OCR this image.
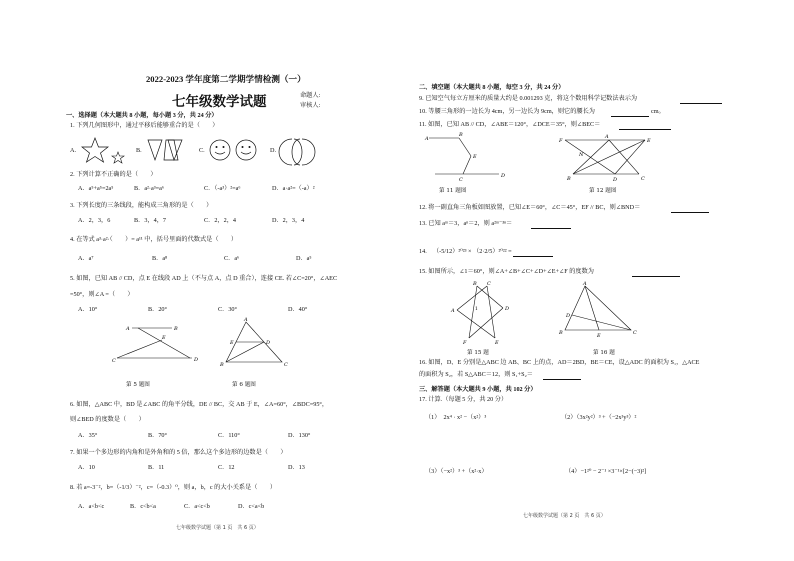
2022-2023 学年度第二学期学情检测（一）
七年级数学试题	命题人:
审核人:
一、选择题（本大题共 8 小题，每小题 3 分，共 24 分）
1. 下列几何图形中，通过平移后能够重合的是（　　）
A.	B.	C.	D.
2. 下列计算不正确的是（　　）
A．a⁵+a⁵=2a⁵	B．a²·a³=a⁶	C．（-a³）²=a⁶	D．a·a²=（-a）²
3. 下列长度的三条线段，能构成三角形的是（　　）
A．2，3，6	B．3，4，7	C．2，2，4	D．2，3，4
4. 在等式 a³·a²·（　　）= a¹¹ 中，括号里面的代数式是（　　）
A．a⁷	B．a⁸	C．a⁶	D．a⁵
5. 如图，已知 AB // CD，点 E 在线段 AD 上（不与点 A，点 D 重合），连接 CE. 若∠C=20°，∠AEC
=50°，则∠A =（　　）
A．10°	B．20°	C．30°	D．40°
A	B
C	D
E
A
E	D
B	C
第 5 题图	第 6 题图
6. 如图，△ABC 中，BD 是∠ABC 的角平分线，DE // BC，交 AB 于 E，∠A=60°，∠BDC=95°，
则∠BED 的度数是（　　）
A．35°	B．70°	C．110°	D．130°
7. 如果一个多边形的内角和是外角和的 5 倍，那么这个多边形的边数是（　　）
A．10	B．11	C．12	D．13
8. 若 a=-3⁻²，b=（-1/3）⁻²，c=（-0.3）⁰，则 a，b，c 的大小关系是（　　）
A．a<b<c	B．c<b<a	C．a<c<b	D．c<a<b
七年级数学试题（第 1 页　共 6 页）
二、填空题（本大题共 8 小题，每空 3 分，共 24 分）
9. 已知空气每立方厘米的质量大约是 0.001293 克，将这个数用科学记数法表示为
10. 等腰三角形的一边长为 4cm，另一边长为 9cm，则它的腰长为	cm。
11. 如图，已知 AB // CD，∠ABE＝120°，∠DCE＝35°，则∠BEC＝
A
B
E
C
D
F	E
N
A
B	D	C
第 11 题图	第 12 题图
12. 将一副直角三角板如图放置，已知∠E＝60°，∠C＝45°，EF // BC，则∠BND＝
13. 已知 aᵐ＝3，aⁿ＝2，则 a²ᵐ⁻³ⁿ＝
14. （-5/12）²⁰²³ × （2·2/5）²⁰²² =
15. 如图所示，∠1＝60°，则∠A+∠B+∠C+∠D+∠E+∠F 的度数为
B C
A	D
F	E
1
A
D
B	E	C
第 15 题	第 16 题
16. 如图，D、E 分别是△ABC 边 AB、BC 上的点，AD＝2BD，BE＝CE，设△ADC 的面积为 S₁，△ACE
的面积为 S₂，若 S△ABC＝12，则 S₁+S₂＝
三、解答题（本大题共 9 小题，共 102 分）
17. 计算.（每题 5 分，共 20 分）
（1）　2x⁴ · x² −（x²）³	（2）（3x²y²）³ +（−2x³y³）²
（3）（−x²）³ +（x²·x）	（4）−1²⁰ − 2⁻¹ ×3⁻¹×[2−(−3)²]
七年级数学试题（第 2 页　共 6 页）
